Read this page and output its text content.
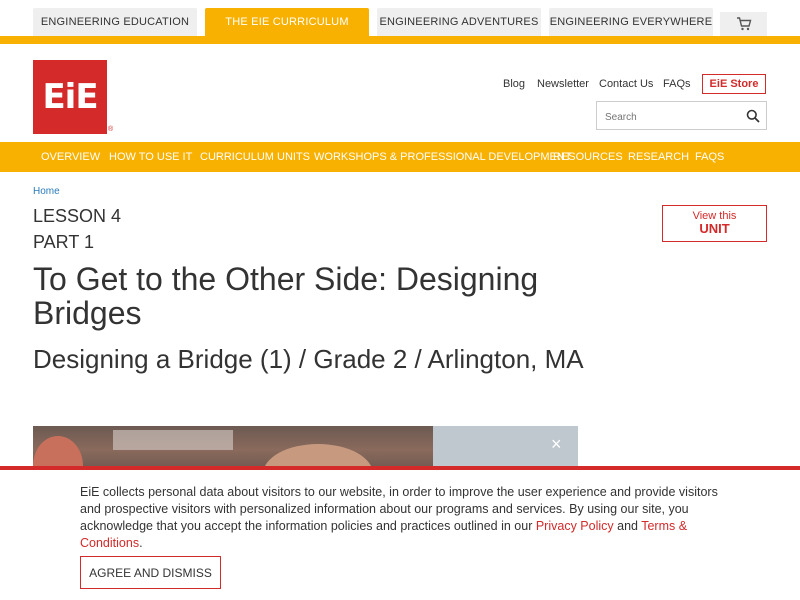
ENGINEERING EDUCATION	THE EIE CURRICULUM	ENGINEERING ADVENTURES ENGINEERING EVERYWHERE
EiE
®
Blog Newsletter Contact Us FAQs	EiE Store
Search
OVERVIEW HOW TO USE IT CURRICULUM UNITS WORKSHOPS & PROFESSIONAL DEVELOPMENT
RESOURCES RESEARCH FAQS
Home
LESSON 4
PART 1
View this
UNIT
To Get to the Other Side: Designing Bridges
Designing a Bridge (1) / Grade 2 / Arlington, MA
×
EiE collects personal data about visitors to our website, in order to improve the user experience and provide visitors and prospective visitors with personalized information about our programs and services. By using our site, you acknowledge that you accept the information policies and practices outlined in our Privacy Policy and Terms & Conditions.
AGREE AND DISMISS
